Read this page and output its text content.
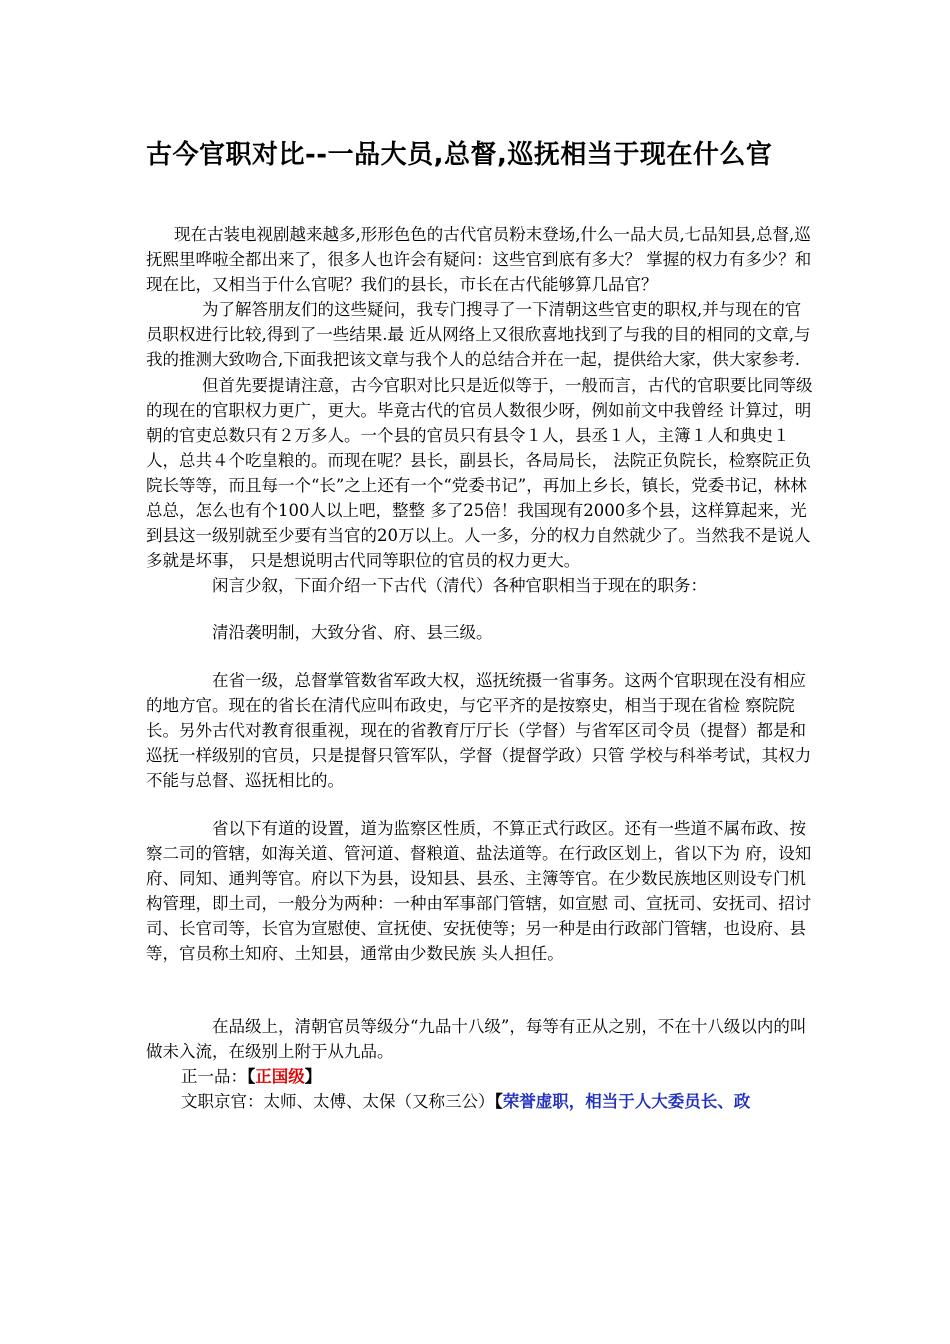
古今官职对比--一品大员,总督,巡抚相当于现在什么官

现在古装电视剧越来越多,形形色色的古代官员粉末登场,什么一品大员,七品知县,总督,巡抚熙里哗啦全都出来了，很多人也许会有疑问：这些官到底有多大？ 掌握的权力有多少？和现在比，又相当于什么官呢？我们的县长，市长在古代能够算几品官？

为了解答朋友们的这些疑问，我专门搜寻了一下清朝这些官吏的职权,并与现在的官员职权进行比较,得到了一些结果.最 近从网络上又很欣喜地找到了与我的目的相同的文章,与我的推测大致吻合,下面我把该文章与我个人的总结合并在一起，提供给大家，供大家参考.

但首先要提请注意，古今官职对比只是近似等于，一般而言，古代的官职要比同等级的现在的官职权力更广，更大。毕竟古代的官员人数很少呀，例如前文中我曾经 计算过，明朝的官吏总数只有２万多人。一个县的官员只有县令１人，县丞１人，主簿１人和典史１人，总共４个吃皇粮的。而现在呢？县长，副县长，各局局长， 法院正负院长，检察院正负院长等等，而且每一个“长”之上还有一个“党委书记”，再加上乡长，镇长，党委书记，林林总总，怎么也有个100人以上吧，整整 多了25倍！我国现有2000多个县，这样算起来，光到县这一级别就至少要有当官的20万以上。人一多，分的权力自然就少了。当然我不是说人多就是坏事， 只是想说明古代同等职位的官员的权力更大。

闲言少叙，下面介绍一下古代（清代）各种官职相当于现在的职务：

清沿袭明制，大致分省、府、县三级。

在省一级，总督掌管数省军政大权，巡抚统摄一省事务。这两个官职现在没有相应的地方官。现在的省长在清代应叫布政史，与它平齐的是按察史，相当于现在省检 察院院长。另外古代对教育很重视，现在的省教育厅厅长（学督）与省军区司令员（提督）都是和巡抚一样级别的官员，只是提督只管军队，学督（提督学政）只管 学校与科举考试，其权力不能与总督、巡抚相比的。

省以下有道的设置，道为监察区性质，不算正式行政区。还有一些道不属布政、按察二司的管辖，如海关道、管河道、督粮道、盐法道等。在行政区划上，省以下为 府，设知府、同知、通判等官。府以下为县，设知县、县丞、主簿等官。在少数民族地区则设专门机构管理，即土司，一般分为两种：一种由军事部门管辖，如宣慰 司、宣抚司、安抚司、招讨司、长官司等，长官为宣慰使、宣抚使、安抚使等；另一种是由行政部门管辖，也设府、县等，官员称土知府、土知县，通常由少数民族 头人担任。

在品级上，清朝官员等级分“九品十八级”，每等有正从之别，不在十八级以内的叫做未入流，在级别上附于从九品。

正一品：【正国级】

文职京官：太师、太傅、太保（又称三公）【荣誉虚职，相当于人大委员长、政
